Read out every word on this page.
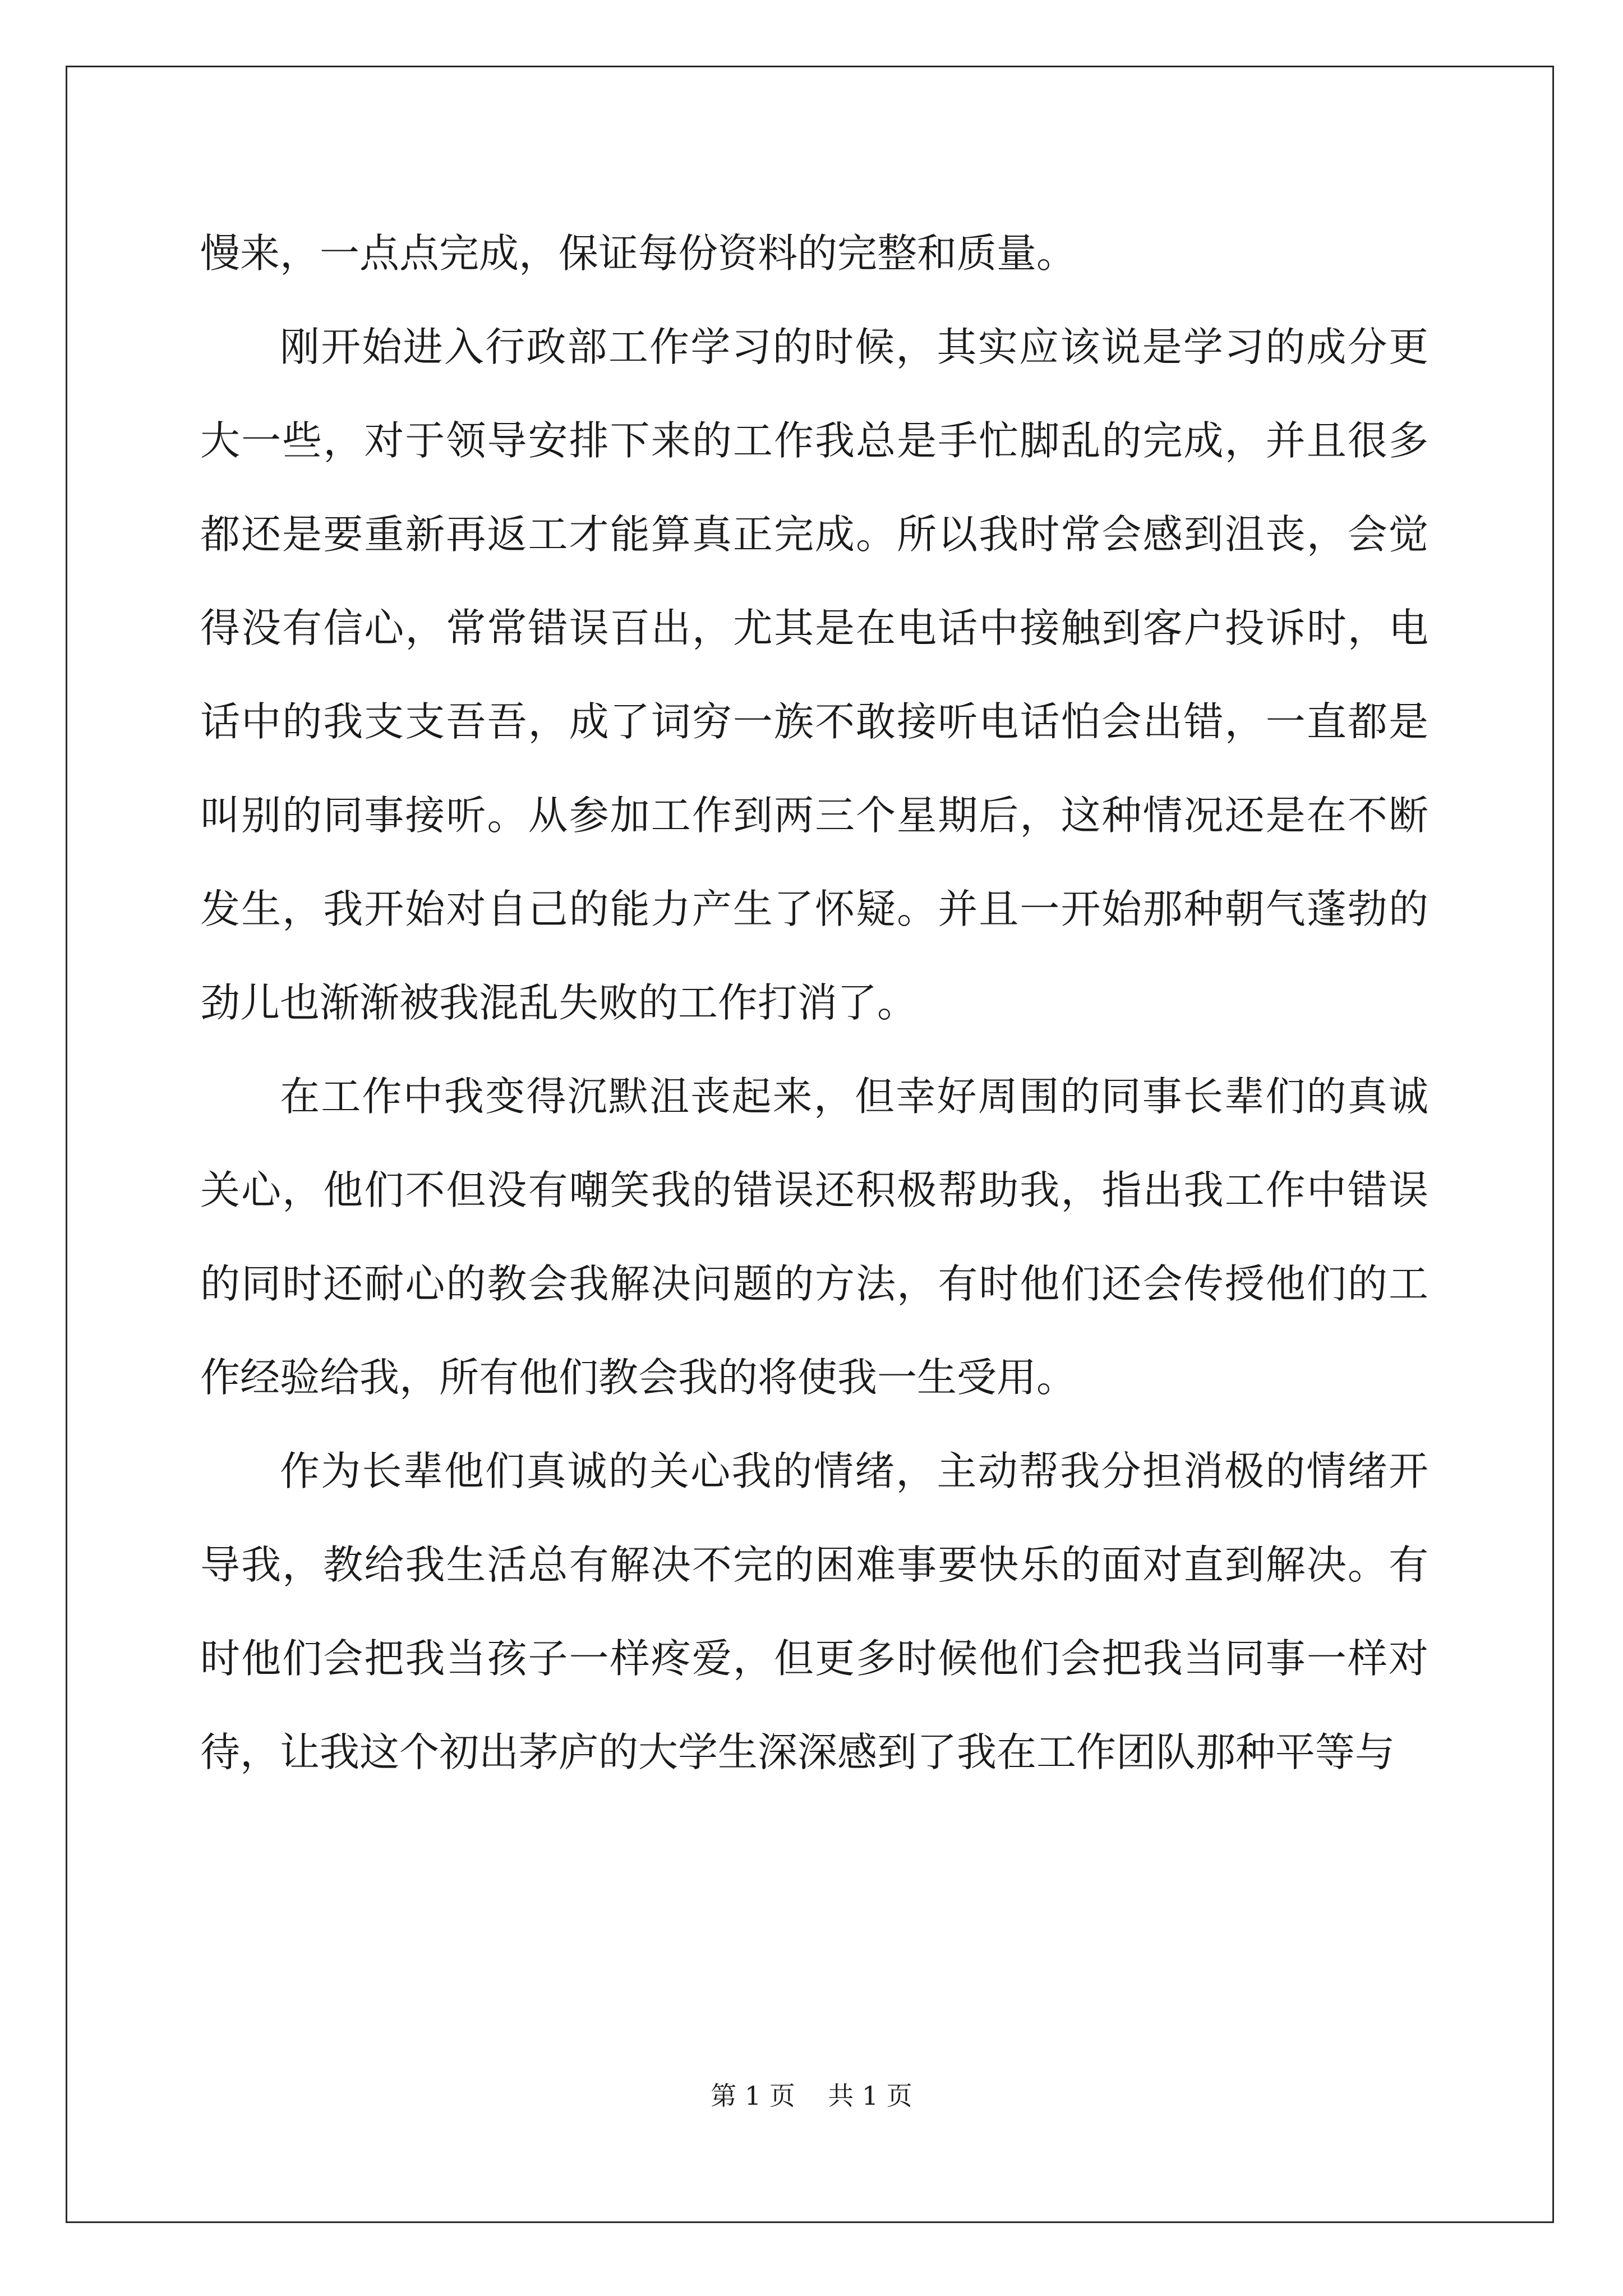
慢来，一点点完成，保证每份资料的完整和质量。

刚开始进入行政部工作学习的时候，其实应该说是学习的成分更大一些，对于领导安排下来的工作我总是手忙脚乱的完成，并且很多都还是要重新再返工才能算真正完成。所以我时常会感到沮丧，会觉得没有信心，常常错误百出，尤其是在电话中接触到客户投诉时，电话中的我支支吾吾，成了词穷一族不敢接听电话怕会出错，一直都是叫别的同事接听。从参加工作到两三个星期后，这种情况还是在不断发生，我开始对自己的能力产生了怀疑。并且一开始那种朝气蓬勃的劲儿也渐渐被我混乱失败的工作打消了。

在工作中我变得沉默沮丧起来，但幸好周围的同事长辈们的真诚关心，他们不但没有嘲笑我的错误还积极帮助我，指出我工作中错误的同时还耐心的教会我解决问题的方法，有时他们还会传授他们的工作经验给我，所有他们教会我的将使我一生受用。

作为长辈他们真诚的关心我的情绪，主动帮我分担消极的情绪开导我，教给我生活总有解决不完的困难事要快乐的面对直到解决。有时他们会把我当孩子一样疼爱，但更多时候他们会把我当同事一样对待，让我这个初出茅庐的大学生深深感到了我在工作团队那种平等与

第 1 页    共 1 页
